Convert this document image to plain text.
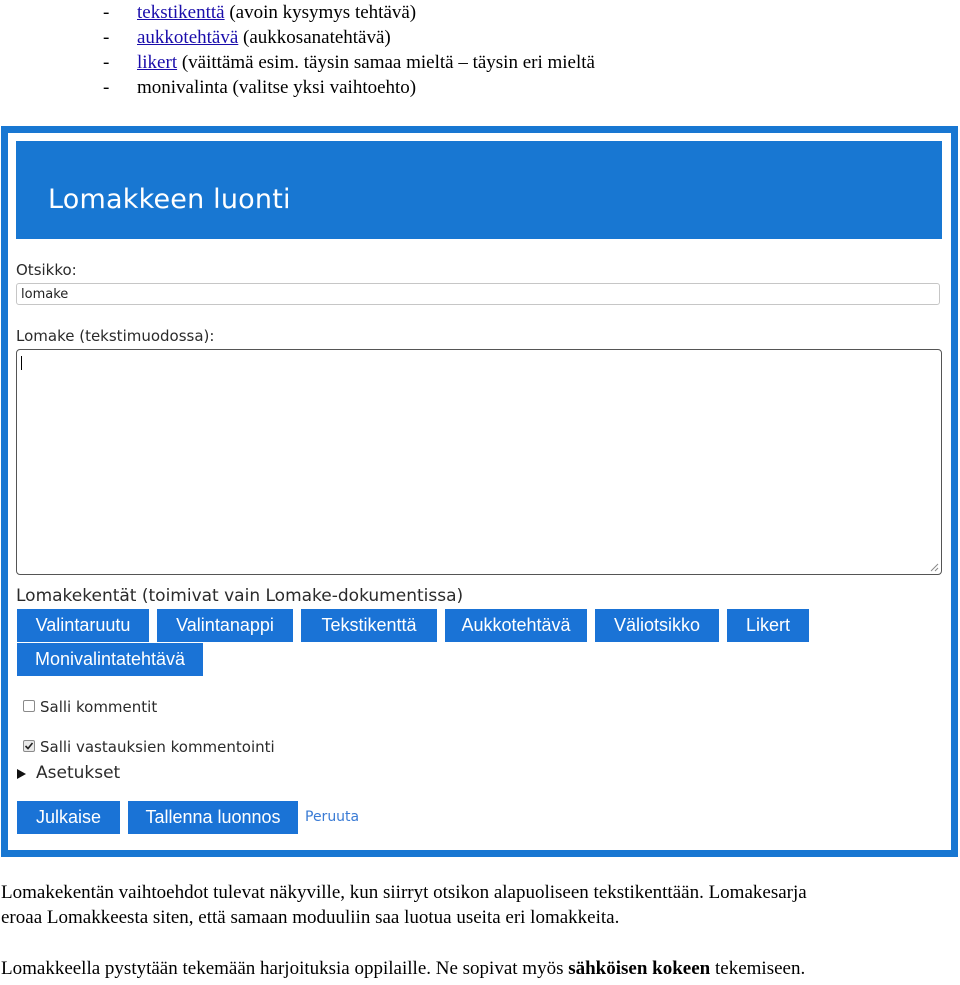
- tekstikenttä (avoin kysymys tehtävä)
- aukkotehtävä (aukkosanatehtävä)
- likert (väittämä esim. täysin samaa mieltä – täysin eri mieltä
- monivalinta (valitse yksi vaihtoehto)
Lomakkeen luonti
Otsikko:
lomake
Lomake (tekstimuodossa):
Lomakekentät (toimivat vain Lomake-dokumentissa)
Valintaruutu	Valintanappi	Tekstikenttä	Aukkotehtävä	Väliotsikko	Likert
Monivalintatehtävä
Salli kommentit
Salli vastauksien kommentointi
Asetukset
Julkaise	Tallenna luonnos	Peruuta
Lomakekentän vaihtoehdot tulevat näkyville, kun siirryt otsikon alapuoliseen tekstikenttään. Lomakesarja
eroaa Lomakkeesta siten, että samaan moduuliin saa luotua useita eri lomakkeita.
Lomakkeella pystytään tekemään harjoituksia oppilaille. Ne sopivat myös sähköisen kokeen tekemiseen.
